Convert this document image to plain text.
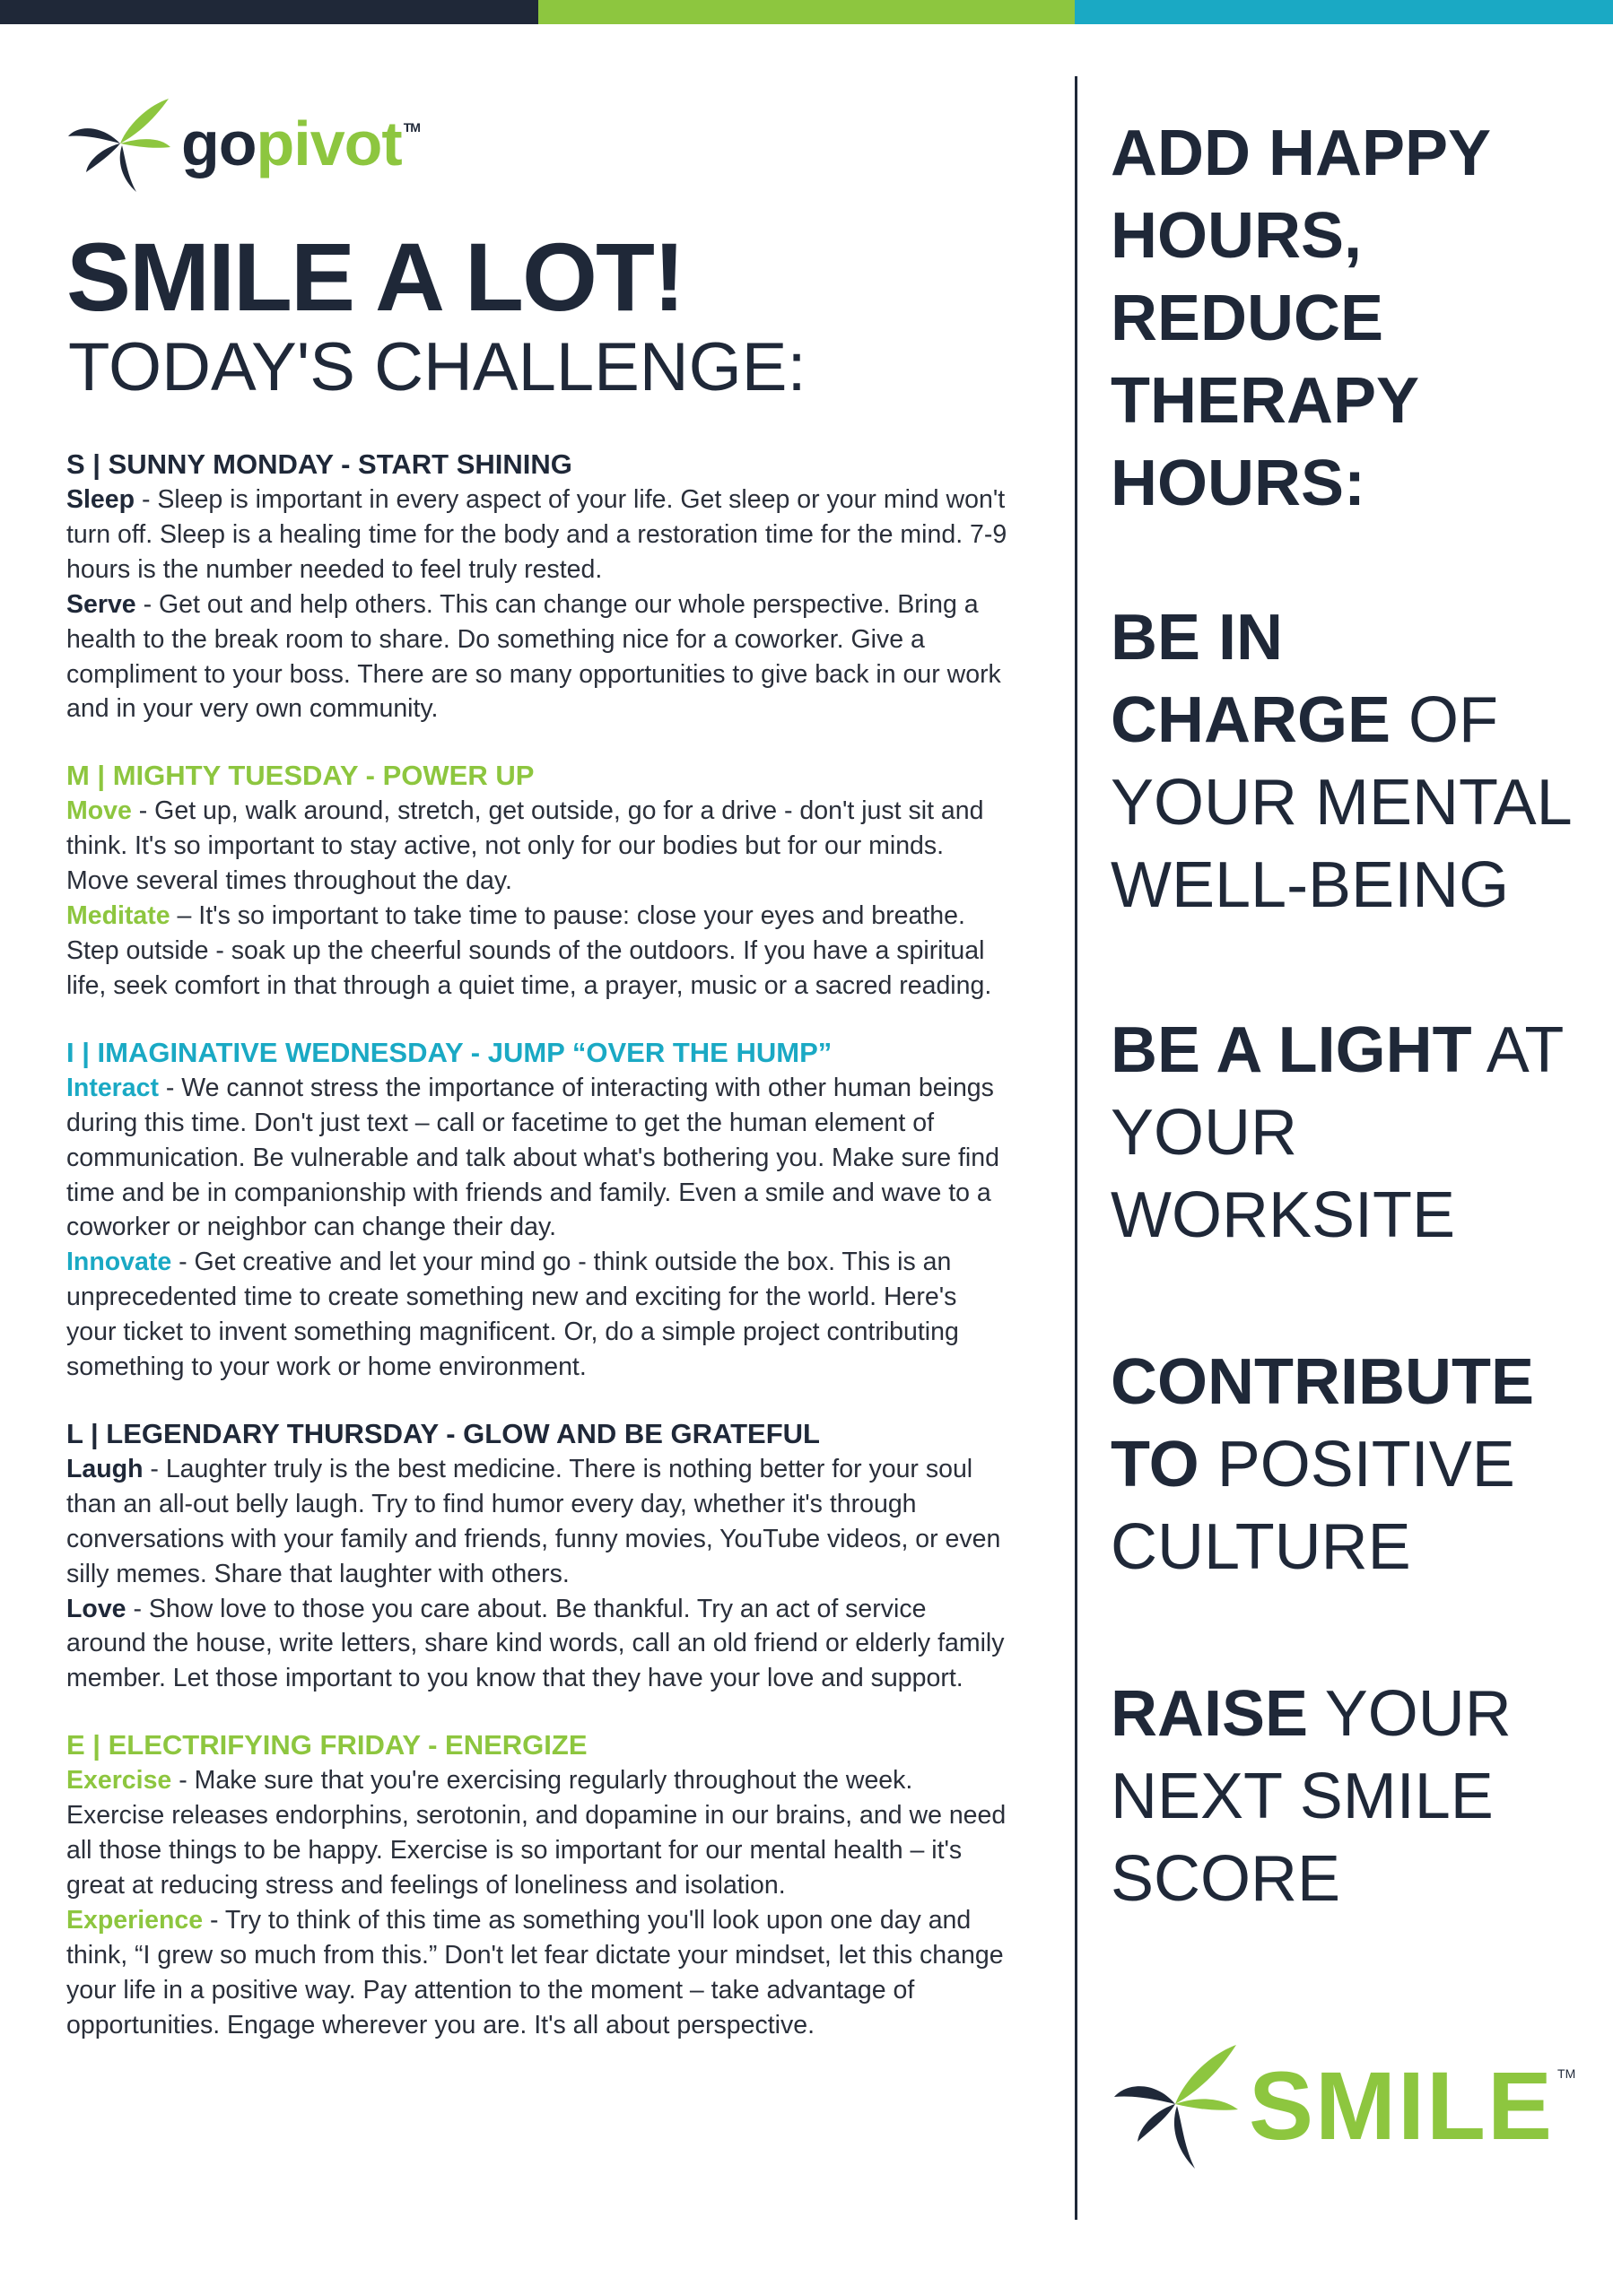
gopivot ™
SMILE A LOT!
TODAY'S CHALLENGE:

S | SUNNY MONDAY - START SHINING

Sleep - Sleep is important in every aspect of your life. Get sleep or your mind won't turn off. Sleep is a healing time for the body and a restoration time for the mind. 7-9 hours is the number needed to feel truly rested.

Serve - Get out and help others. This can change our whole perspective. Bring a health to the break room to share. Do something nice for a coworker. Give a compliment to your boss. There are so many opportunities to give back in our work and in your very own community.

M | MIGHTY TUESDAY - POWER UP

Move - Get up, walk around, stretch, get outside, go for a drive - don't just sit and think. It's so important to stay active, not only for our bodies but for our minds. Move several times throughout the day.

Meditate – It's so important to take time to pause: close your eyes and breathe. Step outside - soak up the cheerful sounds of the outdoors. If you have a spiritual life, seek comfort in that through a quiet time, a prayer, music or a sacred reading.

I | IMAGINATIVE WEDNESDAY - JUMP “OVER THE HUMP”

Interact - We cannot stress the importance of interacting with other human beings during this time. Don't just text – call or facetime to get the human element of communication. Be vulnerable and talk about what's bothering you. Make sure find time and be in companionship with friends and family. Even a smile and wave to a coworker or neighbor can change their day.

Innovate - Get creative and let your mind go - think outside the box. This is an unprecedented time to create something new and exciting for the world. Here's your ticket to invent something magnificent. Or, do a simple project contributing something to your work or home environment.

L | LEGENDARY THURSDAY - GLOW AND BE GRATEFUL

Laugh - Laughter truly is the best medicine. There is nothing better for your soul than an all-out belly laugh. Try to find humor every day, whether it's through conversations with your family and friends, funny movies, YouTube videos, or even silly memes. Share that laughter with others.

Love - Show love to those you care about. Be thankful. Try an act of service around the house, write letters, share kind words, call an old friend or elderly family member. Let those important to you know that they have your love and support.

E | ELECTRIFYING FRIDAY - ENERGIZE

Exercise - Make sure that you're exercising regularly throughout the week. Exercise releases endorphins, serotonin, and dopamine in our brains, and we need all those things to be happy. Exercise is so important for our mental health – it's great at reducing stress and feelings of loneliness and isolation.

Experience - Try to think of this time as something you'll look upon one day and think, “I grew so much from this.” Don't let fear dictate your mindset, let this change your life in a positive way. Pay attention to the moment – take advantage of opportunities. Engage wherever you are. It's all about perspective.

ADD HAPPY
HOURS,
REDUCE
THERAPY
HOURS:
BE IN
CHARGE OF
YOUR MENTAL
WELL-BEING
BE A LIGHT AT
YOUR
WORKSITE
CONTRIBUTE
TO POSITIVE
CULTURE
RAISE YOUR
NEXT SMILE
SCORE
SMILE TM
